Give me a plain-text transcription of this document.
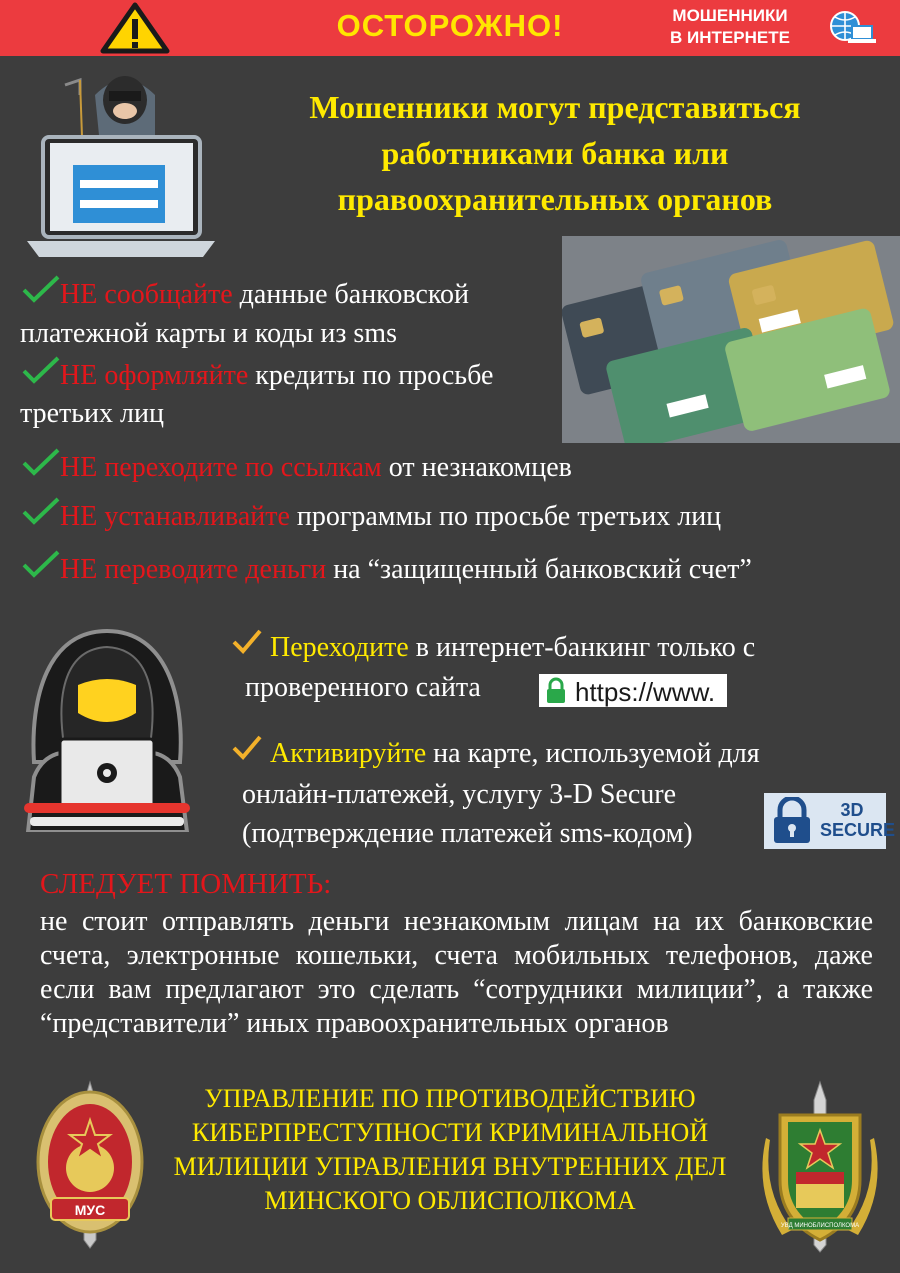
ОСТОРОЖНО!	МОШЕННИКИ
В ИНТЕРНЕТЕ
Мошенники могут представиться
работниками банка или
правоохранительных органов
НЕ сообщайте данные банковской
платежной карты и коды из sms
НЕ оформляйте кредиты по просьбе
третьих лиц
НЕ переходите по ссылкам от незнакомцев
НЕ устанавливайте программы по просьбе третьих лиц
НЕ переводите деньги на “защищенный банковский счет”
Переходите в интернет-банкинг только с
проверенного сайта	https://www.
Активируйте на карте, используемой для
онлайн-платежей, услугу 3-D Secure
(подтверждение платежей sms-кодом)
3D
SECURE
СЛЕДУЕТ ПОМНИТЬ:
не стоит отправлять деньги незнакомым лицам на их банковские счета, электронные кошельки, счета мобильных телефонов, даже если вам предлагают это сделать “сотрудники милиции”, а также “представители” иных правоохранительных органов
УПРАВЛЕНИЕ ПО ПРОТИВОДЕЙСТВИЮ
КИБЕРПРЕСТУПНОСТИ КРИМИНАЛЬНОЙ
МИЛИЦИИ УПРАВЛЕНИЯ ВНУТРЕННИХ ДЕЛ
МИНСКОГО ОБЛИСПОЛКОМА
МУС
УВД МИНОБЛИСПОЛКОМА
